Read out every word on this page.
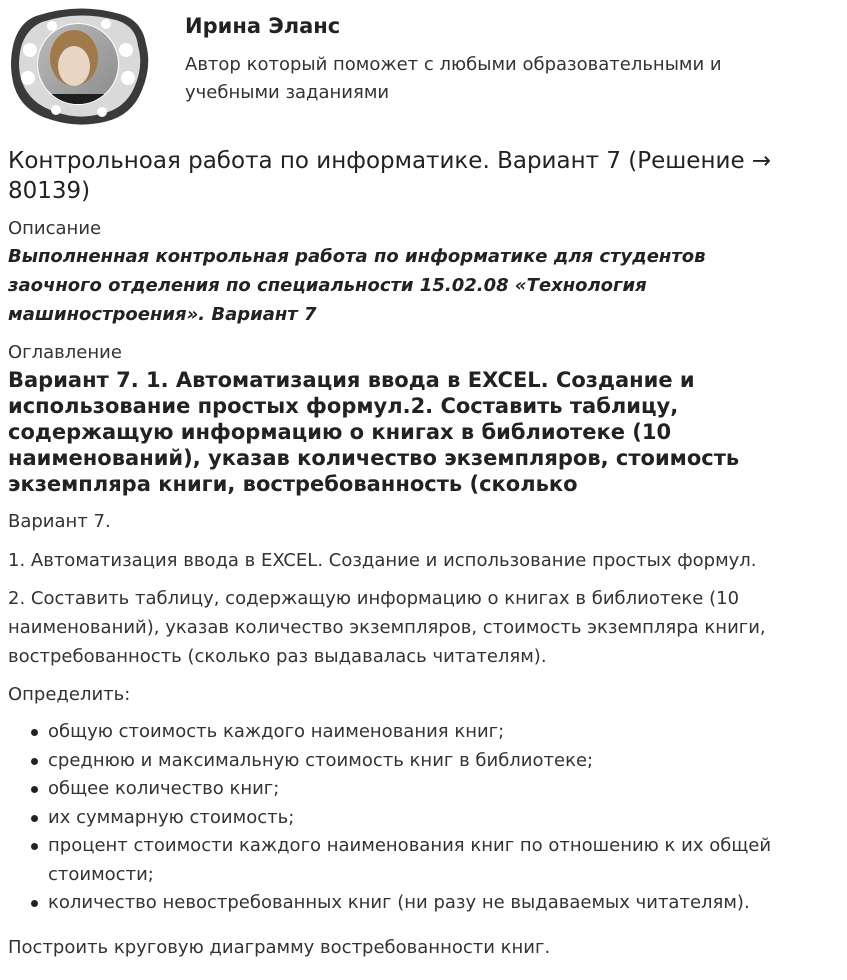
Ирина Эланс
Автор который поможет с любыми образовательными и учебными заданиями
Контрольноая работа по информатике. Вариант 7 (Решение → 80139)
Описание
Выполненная контрольная работа по информатике для студентов заочного отделения по специальности 15.02.08 «Технология машиностроения». Вариант 7
Оглавление
Вариант 7. 1. Автоматизация ввода в EXCEL. Создание и использование простых формул.2. Составить таблицу, содержащую информацию о книгах в библиотеке (10 наименований), указав количество экземпляров, стоимость экземпляра книги, востребованность (сколько

Вариант 7.

1. Автоматизация ввода в EXCEL. Создание и использование простых формул.

2. Составить таблицу, содержащую информацию о книгах в библиотеке (10 наименований), указав количество экземпляров, стоимость экземпляра книги, востребованность (сколько раз выдавалась читателям).

Определить:

общую стоимость каждого наименования книг;
среднюю и максимальную стоимость книг в библиотеке;
общее количество книг;
их суммарную стоимость;
процент стоимости каждого наименования книг по отношению к их общей стоимости;
количество невостребованных книг (ни разу не выдаваемых читателям).

Построить круговую диаграмму востребованности книг.
